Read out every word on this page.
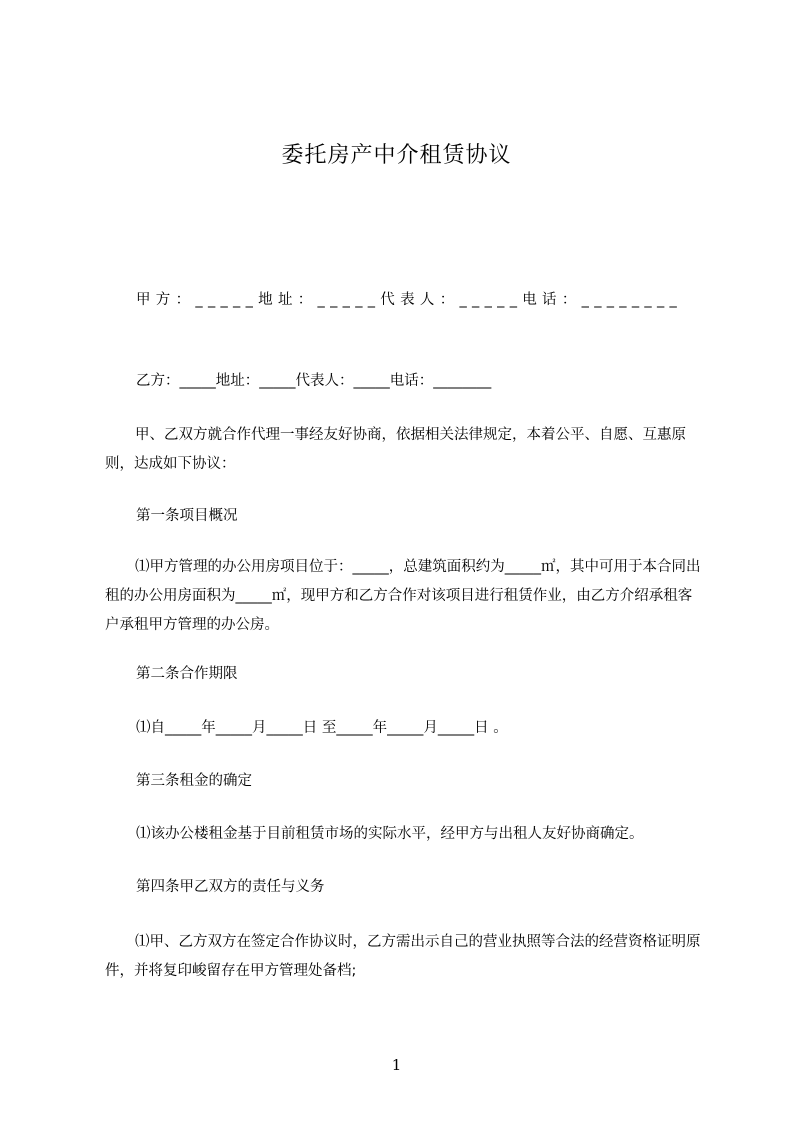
委托房产中介租赁协议
甲方：_____地址：_____代表人：_____电话：________
乙方：_____地址：_____代表人：_____电话：________
甲、乙双方就合作代理一事经友好协商，依据相关法律规定，本着公平、自愿、互惠原则，达成如下协议：
第一条项目概况
⑴甲方管理的办公用房项目位于：_____，总建筑面积约为_____㎡，其中可用于本合同出租的办公用房面积为_____㎡，现甲方和乙方合作对该项目进行租赁作业，由乙方介绍承租客户承租甲方管理的办公房。
第二条合作期限
⑴自_____年_____月_____日 至_____年_____月_____日 。
第三条租金的确定
⑴该办公楼租金基于目前租赁市场的实际水平，经甲方与出租人友好协商确定。
第四条甲乙双方的责任与义务
⑴甲、乙方双方在签定合作协议时，乙方需出示自己的营业执照等合法的经营资格证明原件，并将复印峻留存在甲方管理处备档;
1
